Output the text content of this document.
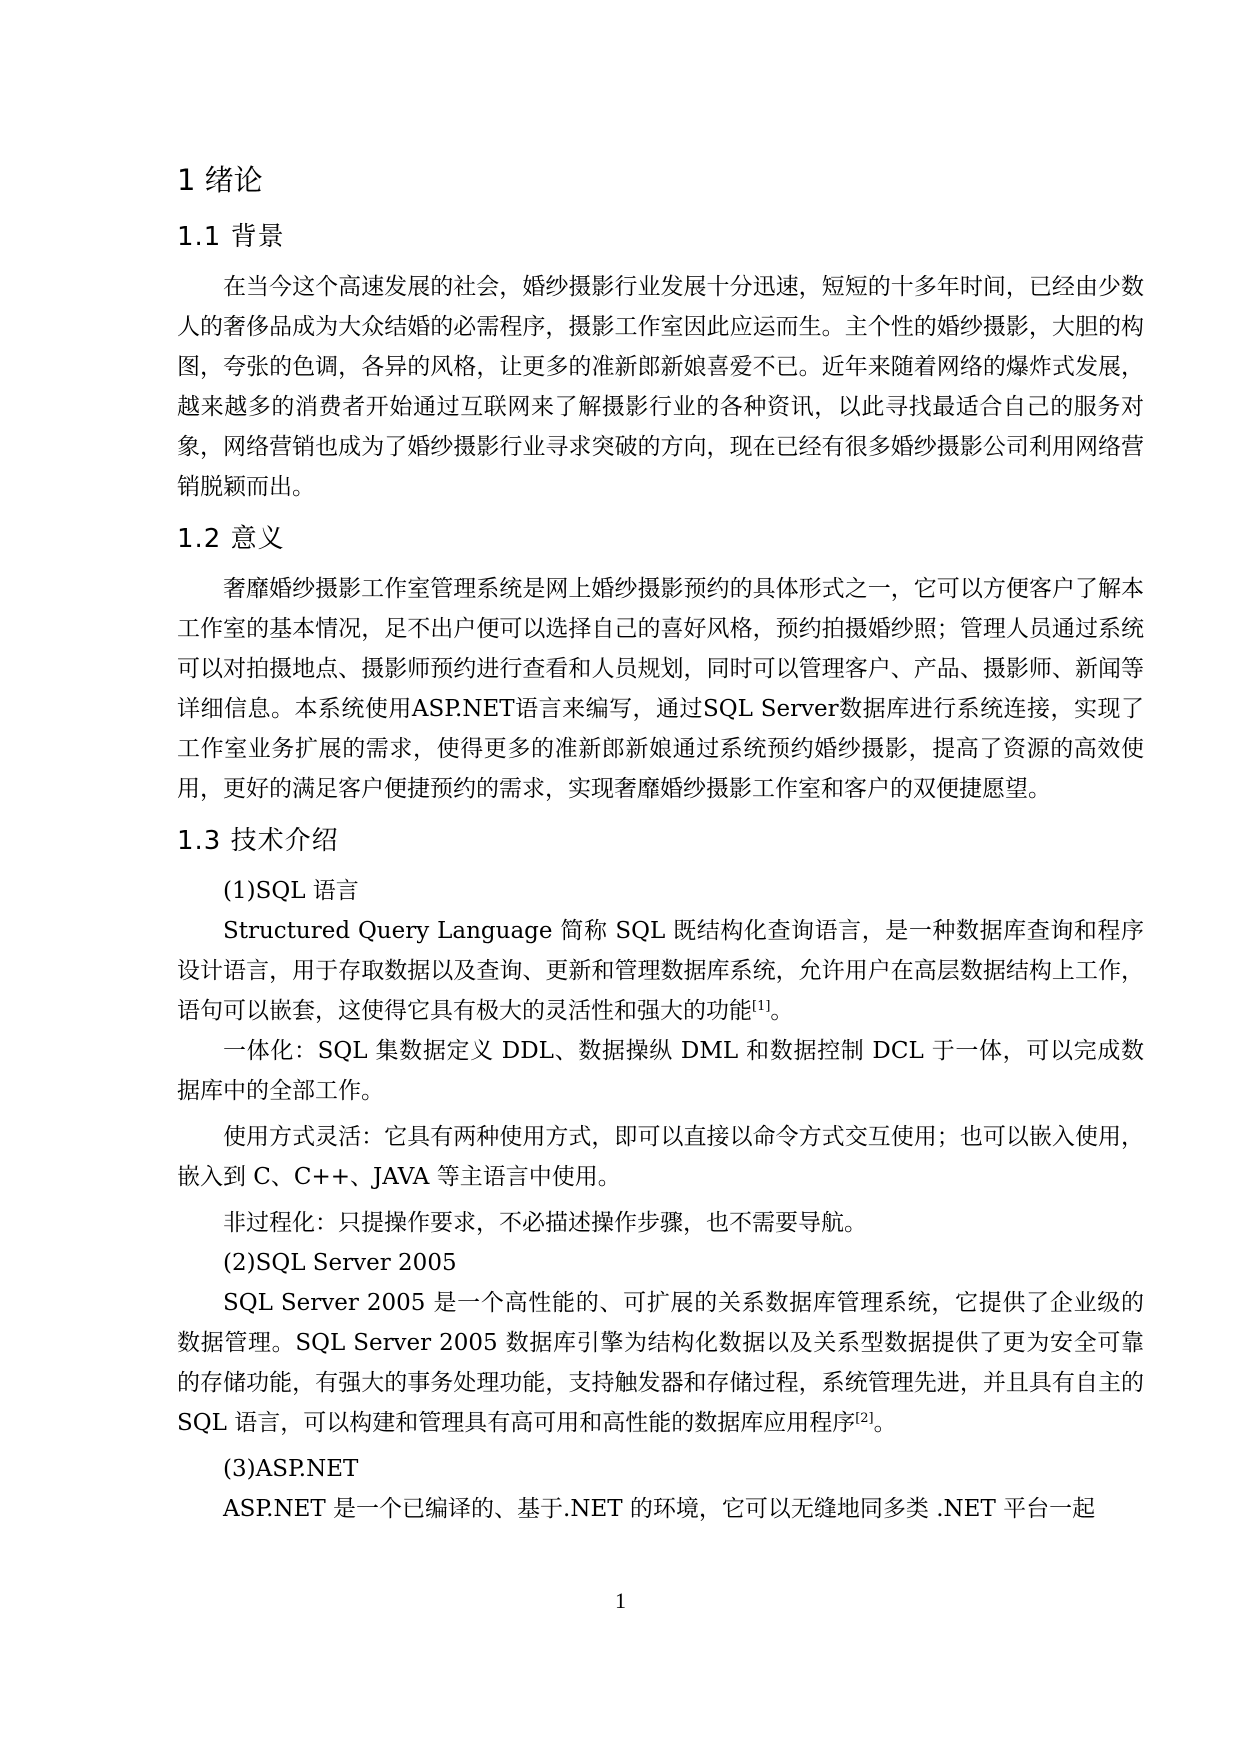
1 绪论
1.1 背景

在当今这个高速发展的社会，婚纱摄影行业发展十分迅速，短短的十多年时间，已经由少数人的奢侈品成为大众结婚的必需程序，摄影工作室因此应运而生。主个性的婚纱摄影，大胆的构图，夸张的色调，各异的风格，让更多的准新郎新娘喜爱不已。近年来随着网络的爆炸式发展，越来越多的消费者开始通过互联网来了解摄影行业的各种资讯，以此寻找最适合自己的服务对象，网络营销也成为了婚纱摄影行业寻求突破的方向，现在已经有很多婚纱摄影公司利用网络营销脱颖而出。

1.2 意义

奢靡婚纱摄影工作室管理系统是网上婚纱摄影预约的具体形式之一，它可以方便客户了解本工作室的基本情况，足不出户便可以选择自己的喜好风格，预约拍摄婚纱照；管理人员通过系统可以对拍摄地点、摄影师预约进行查看和人员规划，同时可以管理客户、产品、摄影师、新闻等详细信息。本系统使用ASP.NET语言来编写，通过SQL Server数据库进行系统连接，实现了工作室业务扩展的需求，使得更多的准新郎新娘通过系统预约婚纱摄影，提高了资源的高效使用，更好的满足客户便捷预约的需求，实现奢靡婚纱摄影工作室和客户的双便捷愿望。

1.3 技术介绍

(1)SQL 语言

Structured Query Language 简称 SQL 既结构化查询语言，是一种数据库查询和程序设计语言，用于存取数据以及查询、更新和管理数据库系统，允许用户在高层数据结构上工作，语句可以嵌套，这使得它具有极大的灵活性和强大的功能[1]。

一体化：SQL 集数据定义 DDL、数据操纵 DML 和数据控制 DCL 于一体，可以完成数据库中的全部工作。

使用方式灵活：它具有两种使用方式，即可以直接以命令方式交互使用；也可以嵌入使用，嵌入到 C、C++、JAVA 等主语言中使用。

非过程化：只提操作要求，不必描述操作步骤，也不需要导航。

(2)SQL Server 2005

SQL Server 2005 是一个高性能的、可扩展的关系数据库管理系统，它提供了企业级的数据管理。SQL Server 2005 数据库引擎为结构化数据以及关系型数据提供了更为安全可靠的存储功能，有强大的事务处理功能，支持触发器和存储过程，系统管理先进，并且具有自主的 SQL 语言，可以构建和管理具有高可用和高性能的数据库应用程序[2]。

(3)ASP.NET

ASP.NET 是一个已编译的、基于.NET 的环境，它可以无缝地同多类 .NET 平台一起

1
